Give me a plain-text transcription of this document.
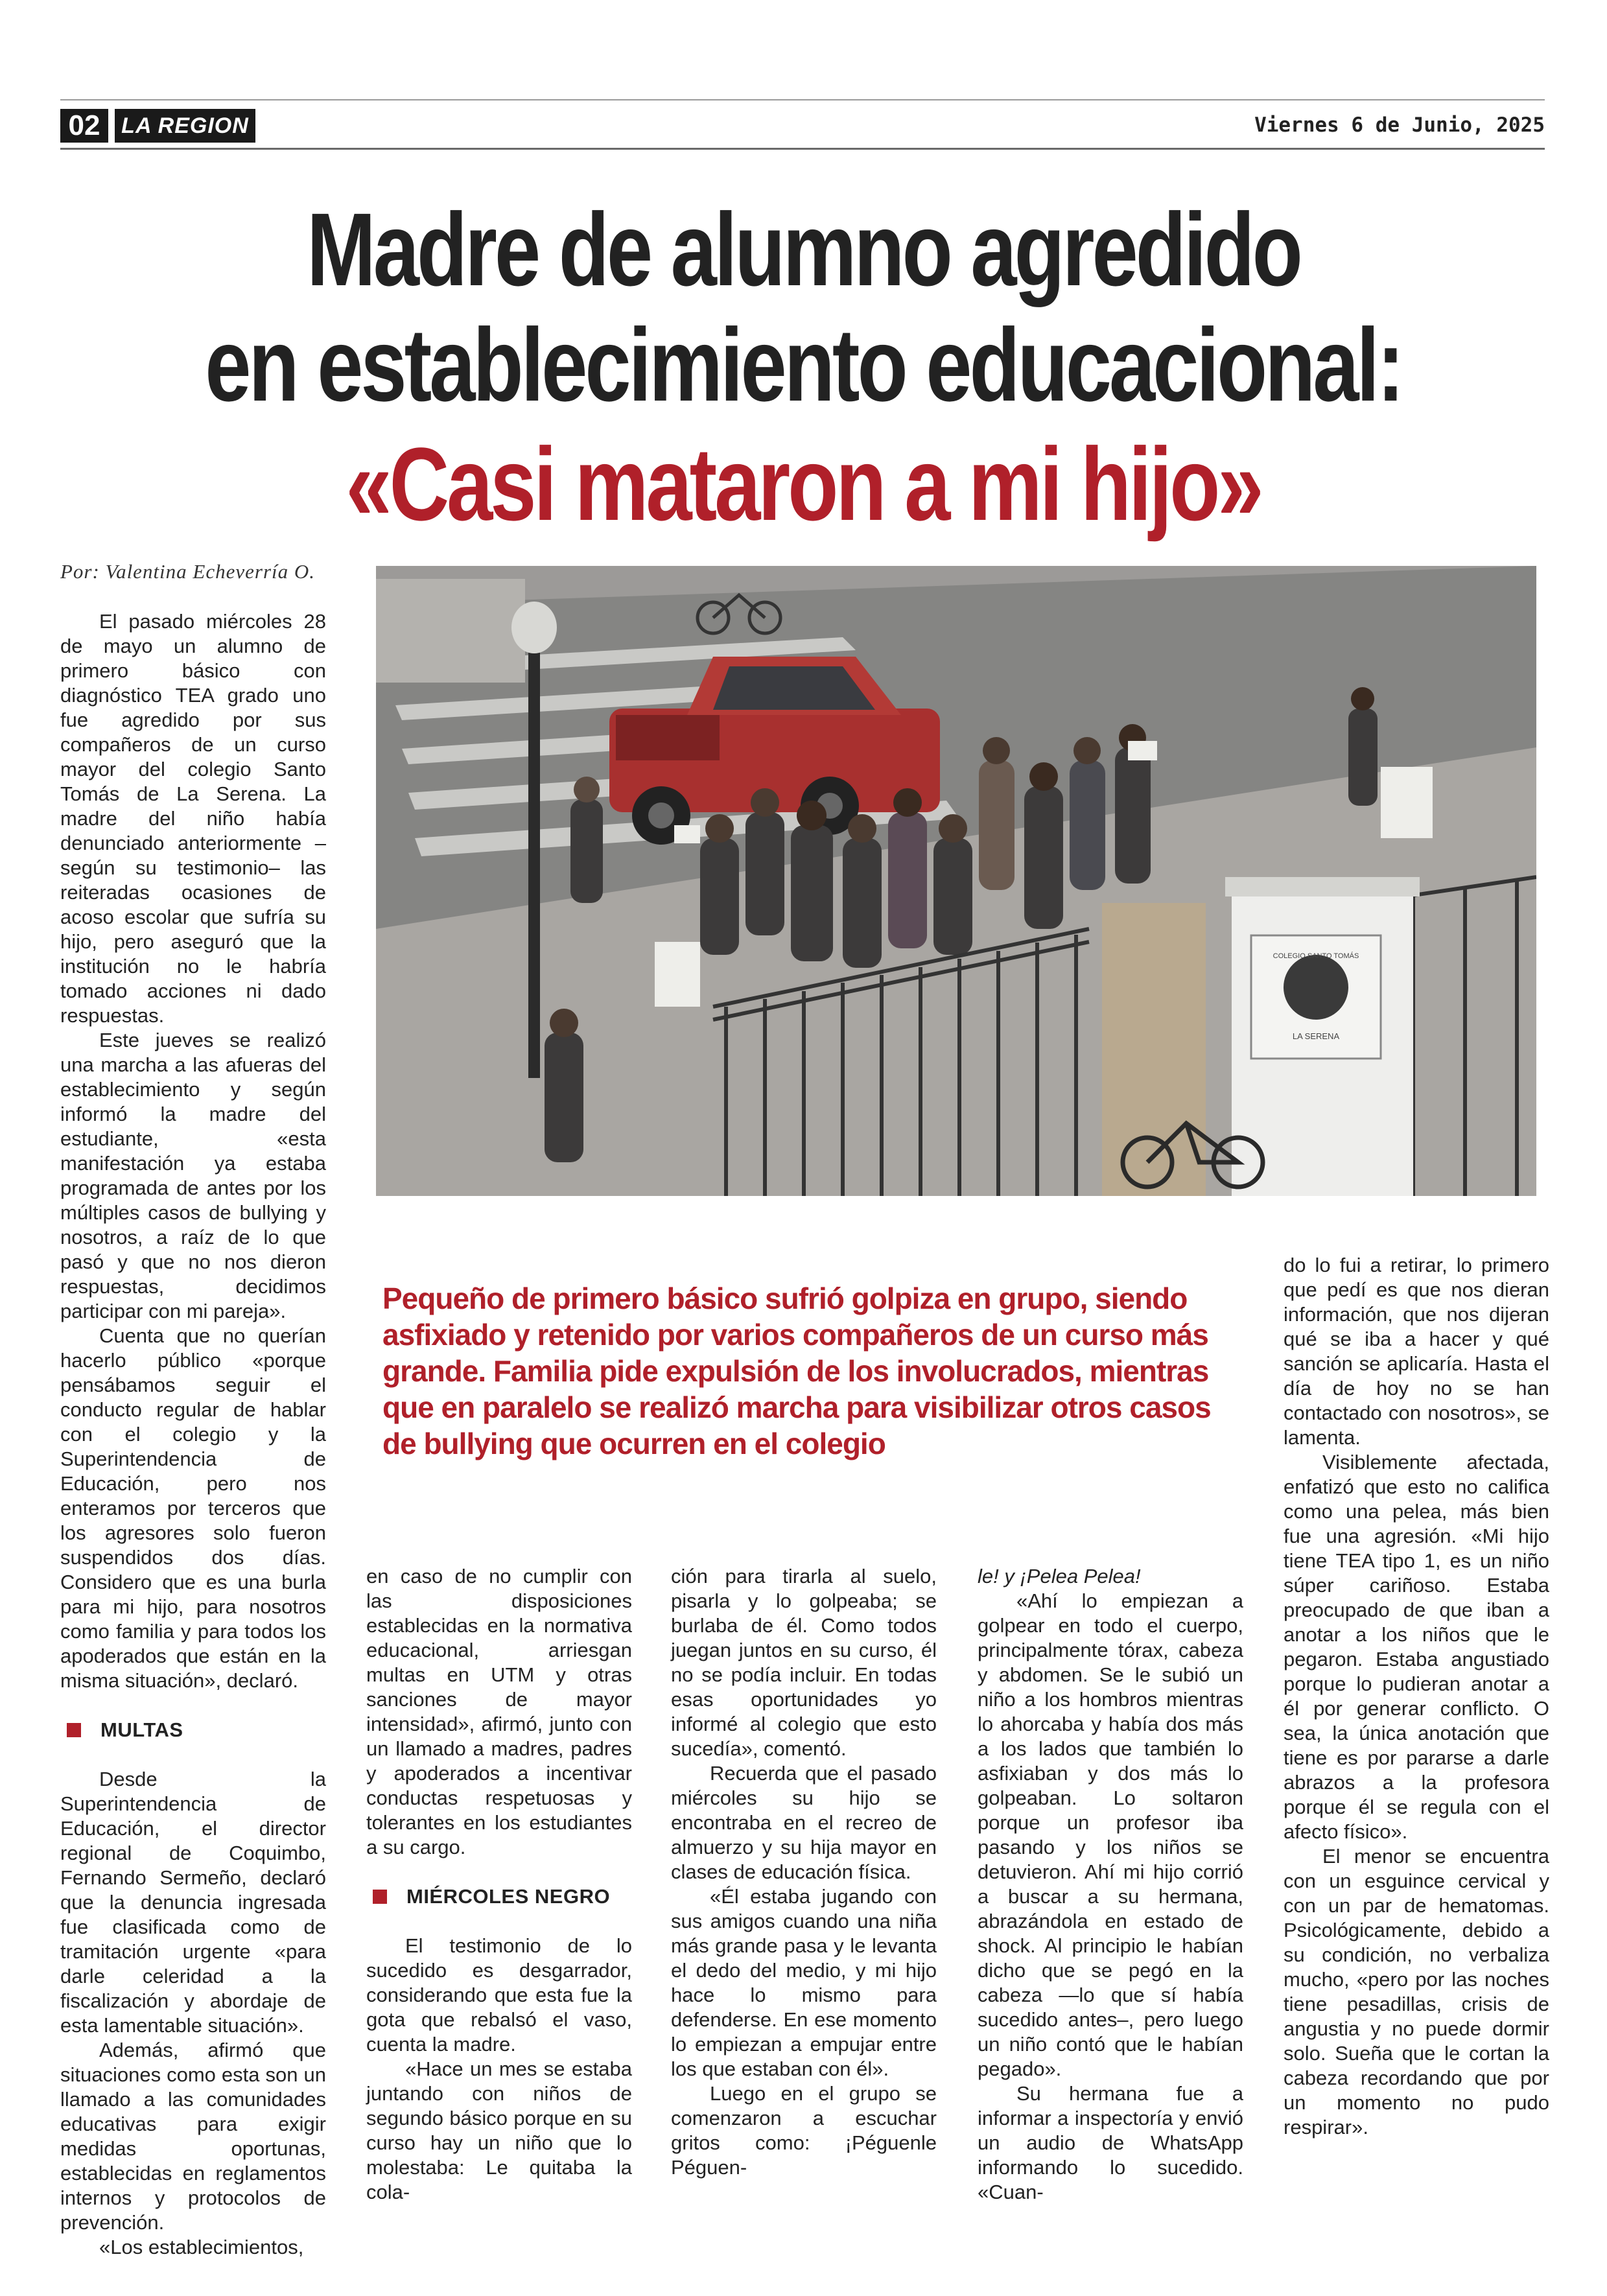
02 LA REGION	Viernes 6 de Junio, 2025
Madre de alumno agredido
en establecimiento educacional:
«Casi mataron a mi hijo»
Por: Valentina Echeverría O.

El pasado miércoles 28 de mayo un alumno de primero básico con diagnóstico TEA grado uno fue agredido por sus compañeros de un curso mayor del colegio Santo Tomás de La Serena. La madre del niño había denunciado anteriormente –según su testimonio– las reiteradas ocasiones de acoso escolar que sufría su hijo, pero aseguró que la institución no le habría tomado acciones ni dado respuestas.

Este jueves se realizó una marcha a las afueras del establecimiento y según informó la madre del estudiante, «esta manifestación ya estaba programada de antes por los múltiples casos de bullying y nosotros, a raíz de lo que pasó y que no nos dieron respuestas, decidimos participar con mi pareja».

Cuenta que no querían hacerlo público «porque pensábamos seguir el conducto regular de hablar con el colegio y la Superintendencia de Educación, pero nos enteramos por terceros que los agresores solo fueron suspendidos dos días. Considero que es una burla para mi hijo, para nosotros como familia y para todos los apoderados que están en la misma situación», declaró.

MULTAS

Desde la Superintendencia de Educación, el director regional de Coquimbo, Fernando Sermeño, declaró que la denuncia ingresada fue clasificada como de tramitación urgente «para darle celeridad a la fiscalización y abordaje de esta lamentable situación».

Además, afirmó que situaciones como esta son un llamado a las comunidades educativas para exigir medidas oportunas, establecidas en reglamentos internos y protocolos de prevención.

«Los establecimientos,

COLEGIO SANTO TOMÁS
LA SERENA
Pequeño de primero básico sufrió golpiza en grupo, siendo asfixiado y retenido por varios compañeros de un curso más grande. Familia pide expulsión de los involucrados, mientras que en paralelo se realizó marcha para visibilizar otros casos de bullying que ocurren en el colegio

en caso de no cumplir con las disposiciones establecidas en la normativa educacional, arriesgan multas en UTM y otras sanciones de mayor intensidad», afirmó, junto con un llamado a madres, padres y apoderados a incentivar conductas respetuosas y tolerantes en los estudiantes a su cargo.

MIÉRCOLES NEGRO

El testimonio de lo sucedido es desgarrador, considerando que esta fue la gota que rebalsó el vaso, cuenta la madre.

«Hace un mes se estaba juntando con niños de segundo básico porque en su curso hay un niño que lo molestaba: Le quitaba la cola-

ción para tirarla al suelo, pisarla y lo golpeaba; se burlaba de él. Como todos juegan juntos en su curso, él no se podía incluir. En todas esas oportunidades yo informé al colegio que esto sucedía», comentó.

Recuerda que el pasado miércoles su hijo se encontraba en el recreo de almuerzo y su hija mayor en clases de educación física.

«Él estaba jugando con sus amigos cuando una niña más grande pasa y le levanta el dedo del medio, y mi hijo hace lo mismo para defenderse. En ese momento lo empiezan a empujar entre los que estaban con él».

Luego en el grupo se comenzaron a escuchar gritos como: ¡Péguenle Péguen-

le! y ¡Pelea Pelea!

«Ahí lo empiezan a golpear en todo el cuerpo, principalmente tórax, cabeza y abdomen. Se le subió un niño a los hombros mientras lo ahorcaba y había dos más a los lados que también lo asfixiaban y dos más lo golpeaban. Lo soltaron porque un profesor iba pasando y los niños se detuvieron. Ahí mi hijo corrió a buscar a su hermana, abrazándola en estado de shock. Al principio le habían dicho que se pegó en la cabeza —lo que sí había sucedido antes–, pero luego un niño contó que le habían pegado».

Su hermana fue a informar a inspectoría y envió un audio de WhatsApp informando lo sucedido. «Cuan-

do lo fui a retirar, lo primero que pedí es que nos dieran información, que nos dijeran qué se iba a hacer y qué sanción se aplicaría. Hasta el día de hoy no se han contactado con nosotros», se lamenta.

Visiblemente afectada, enfatizó que esto no califica como una pelea, más bien fue una agresión. «Mi hijo tiene TEA tipo 1, es un niño súper cariñoso. Estaba preocupado de que iban a anotar a los niños que le pegaron. Estaba angustiado porque lo pudieran anotar a él por generar conflicto. O sea, la única anotación que tiene es por pararse a darle abrazos a la profesora porque él se regula con el afecto físico».

El menor se encuentra con un esguince cervical y con un par de hematomas. Psicológicamente, debido a su condición, no verbaliza mucho, «pero por las noches tiene pesadillas, crisis de angustia y no puede dormir solo. Sueña que le cortan la cabeza recordando que por un momento no pudo respirar».
